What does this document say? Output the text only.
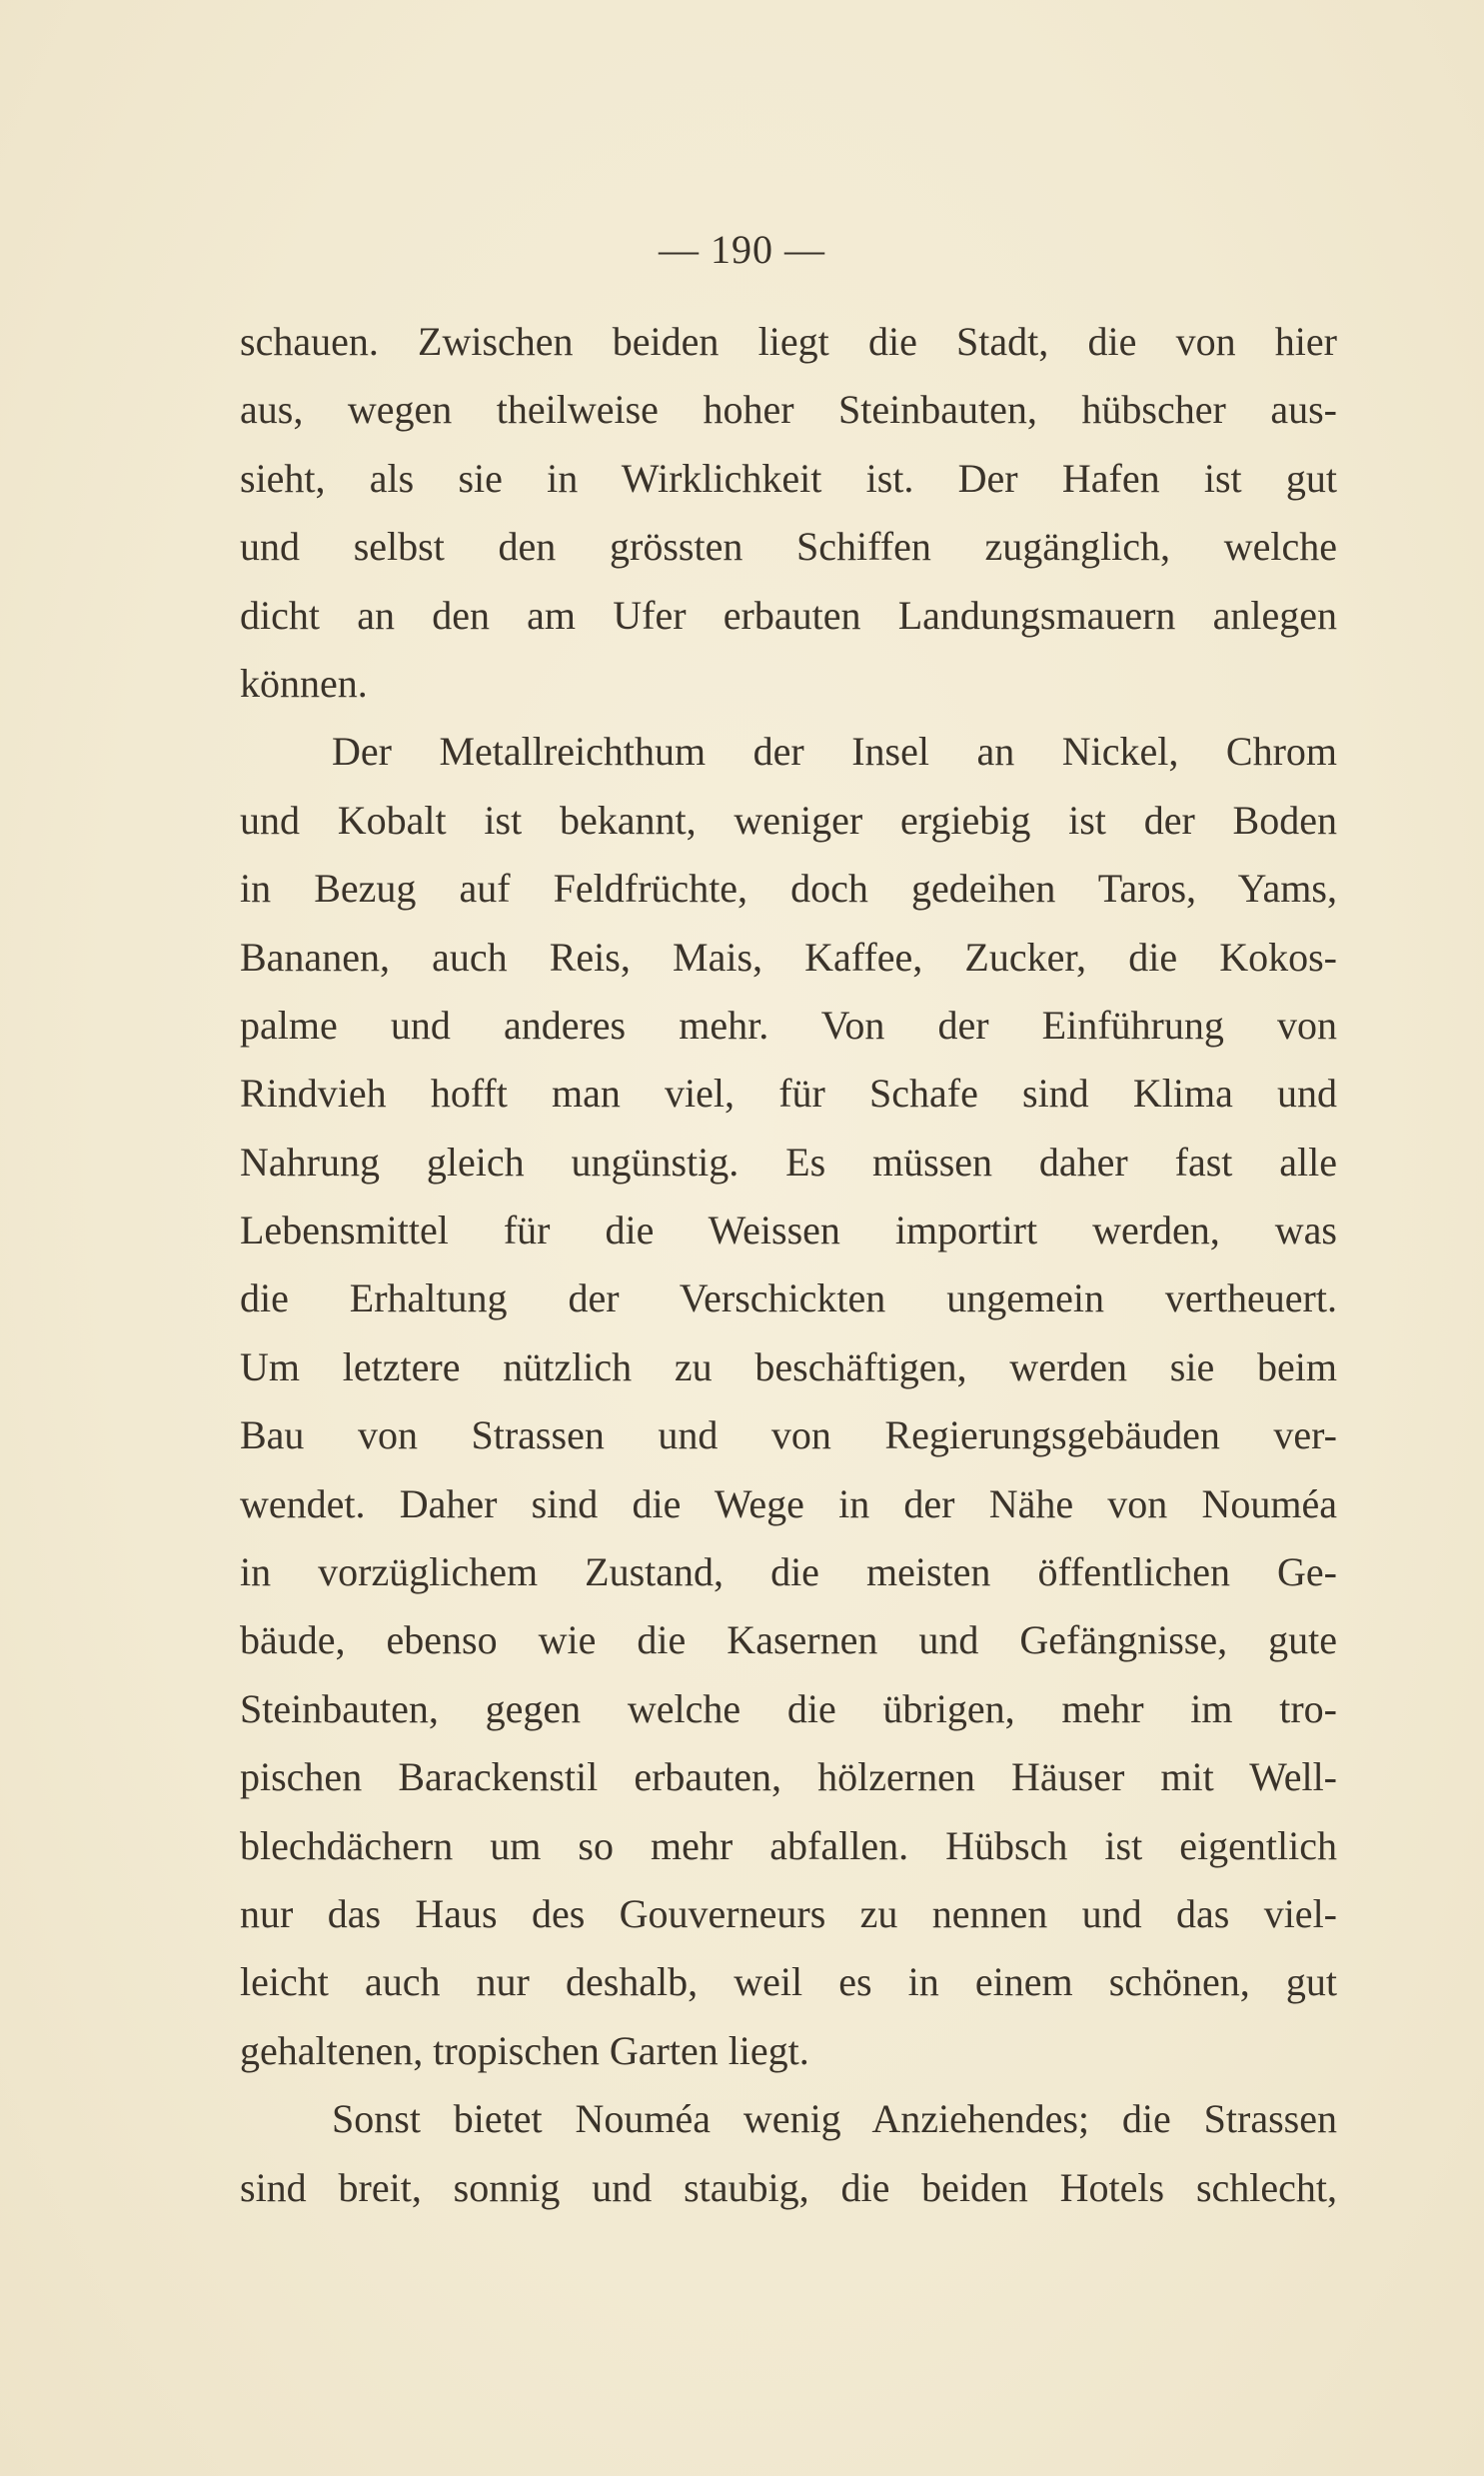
— 190 —
schauen. Zwischen beiden liegt die Stadt, die von hier
aus, wegen theilweise hoher Steinbauten, hübscher aus-
sieht, als sie in Wirklichkeit ist. Der Hafen ist gut
und selbst den grössten Schiffen zugänglich, welche
dicht an den am Ufer erbauten Landungsmauern anlegen
können.
Der Metallreichthum der Insel an Nickel, Chrom
und Kobalt ist bekannt, weniger ergiebig ist der Boden
in Bezug auf Feldfrüchte, doch gedeihen Taros, Yams,
Bananen, auch Reis, Mais, Kaffee, Zucker, die Kokos-
palme und anderes mehr. Von der Einführung von
Rindvieh hofft man viel, für Schafe sind Klima und
Nahrung gleich ungünstig. Es müssen daher fast alle
Lebensmittel für die Weissen importirt werden, was
die Erhaltung der Verschickten ungemein vertheuert.
Um letztere nützlich zu beschäftigen, werden sie beim
Bau von Strassen und von Regierungsgebäuden ver-
wendet. Daher sind die Wege in der Nähe von Nouméa
in vorzüglichem Zustand, die meisten öffentlichen Ge-
bäude, ebenso wie die Kasernen und Gefängnisse, gute
Steinbauten, gegen welche die übrigen, mehr im tro-
pischen Barackenstil erbauten, hölzernen Häuser mit Well-
blechdächern um so mehr abfallen. Hübsch ist eigentlich
nur das Haus des Gouverneurs zu nennen und das viel-
leicht auch nur deshalb, weil es in einem schönen, gut
gehaltenen, tropischen Garten liegt.
Sonst bietet Nouméa wenig Anziehendes; die Strassen
sind breit, sonnig und staubig, die beiden Hotels schlecht,
